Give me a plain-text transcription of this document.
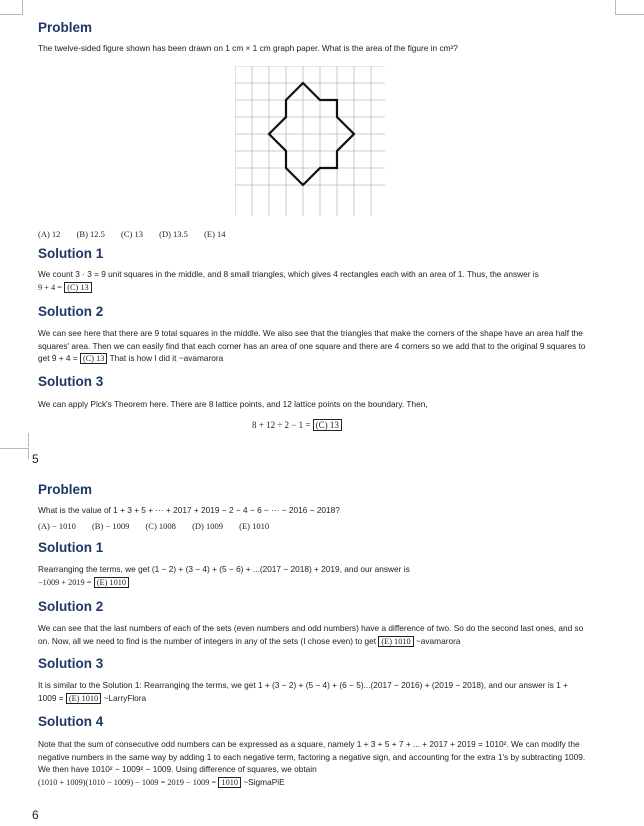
Problem

The twelve-sided figure shown has been drawn on 1 cm × 1 cm graph paper. What is the area of the figure in cm²?

(A) 12 (B) 12.5 (C) 13 (D) 13.5 (E) 14
Solution 1

We count 3 · 3 = 9 unit squares in the middle, and 8 small triangles, which gives 4 rectangles each with an area of 1. Thus, the answer is
9 + 4 = (C) 13

Solution 2

We can see here that there are 9 total squares in the middle. We also see that the triangles that make the corners of the shape have an area half the squares' area. Then we can easily find that each corner has an area of one square and there are 4 corners so we add that to the original 9 squares to get 9 + 4 = (C) 13 That is how I did it ~avamarora

Solution 3

We can apply Pick's Theorem here. There are 8 lattice points, and 12 lattice points on the boundary. Then,

8 + 12 ÷ 2 − 1 = (C) 13
5
Problem

What is the value of 1 + 3 + 5 + ··· + 2017 + 2019 − 2 − 4 − 6 − ··· − 2016 − 2018?

(A) − 1010 (B) − 1009 (C) 1008 (D) 1009 (E) 1010
Solution 1

Rearranging the terms, we get (1 − 2) + (3 − 4) + (5 − 6) + ...(2017 − 2018) + 2019, and our answer is
−1009 + 2019 = (E) 1010

Solution 2

We can see that the last numbers of each of the sets (even numbers and odd numbers) have a difference of two. So do the second last ones, and so on. Now, all we need to find is the number of integers in any of the sets (I chose even) to get (E) 1010 ~avamarora

Solution 3

It is similar to the Solution 1: Rearranging the terms, we get 1 + (3 − 2) + (5 − 4) + (6 − 5)...(2017 − 2016) + (2019 − 2018), and our answer is 1 + 1009 = (E) 1010 ~LarryFlora

Solution 4

Note that the sum of consecutive odd numbers can be expressed as a square, namely 1 + 3 + 5 + 7 + ... + 2017 + 2019 = 1010². We can modify the negative numbers in the same way by adding 1 to each negative term, factoring a negative sign, and accounting for the extra 1's by subtracting 1009. We then have 1010² − 1009² − 1009. Using difference of squares, we obtain
(1010 + 1009)(1010 − 1009) − 1009 = 2019 − 1009 = 1010 ~SigmaPiE

6
